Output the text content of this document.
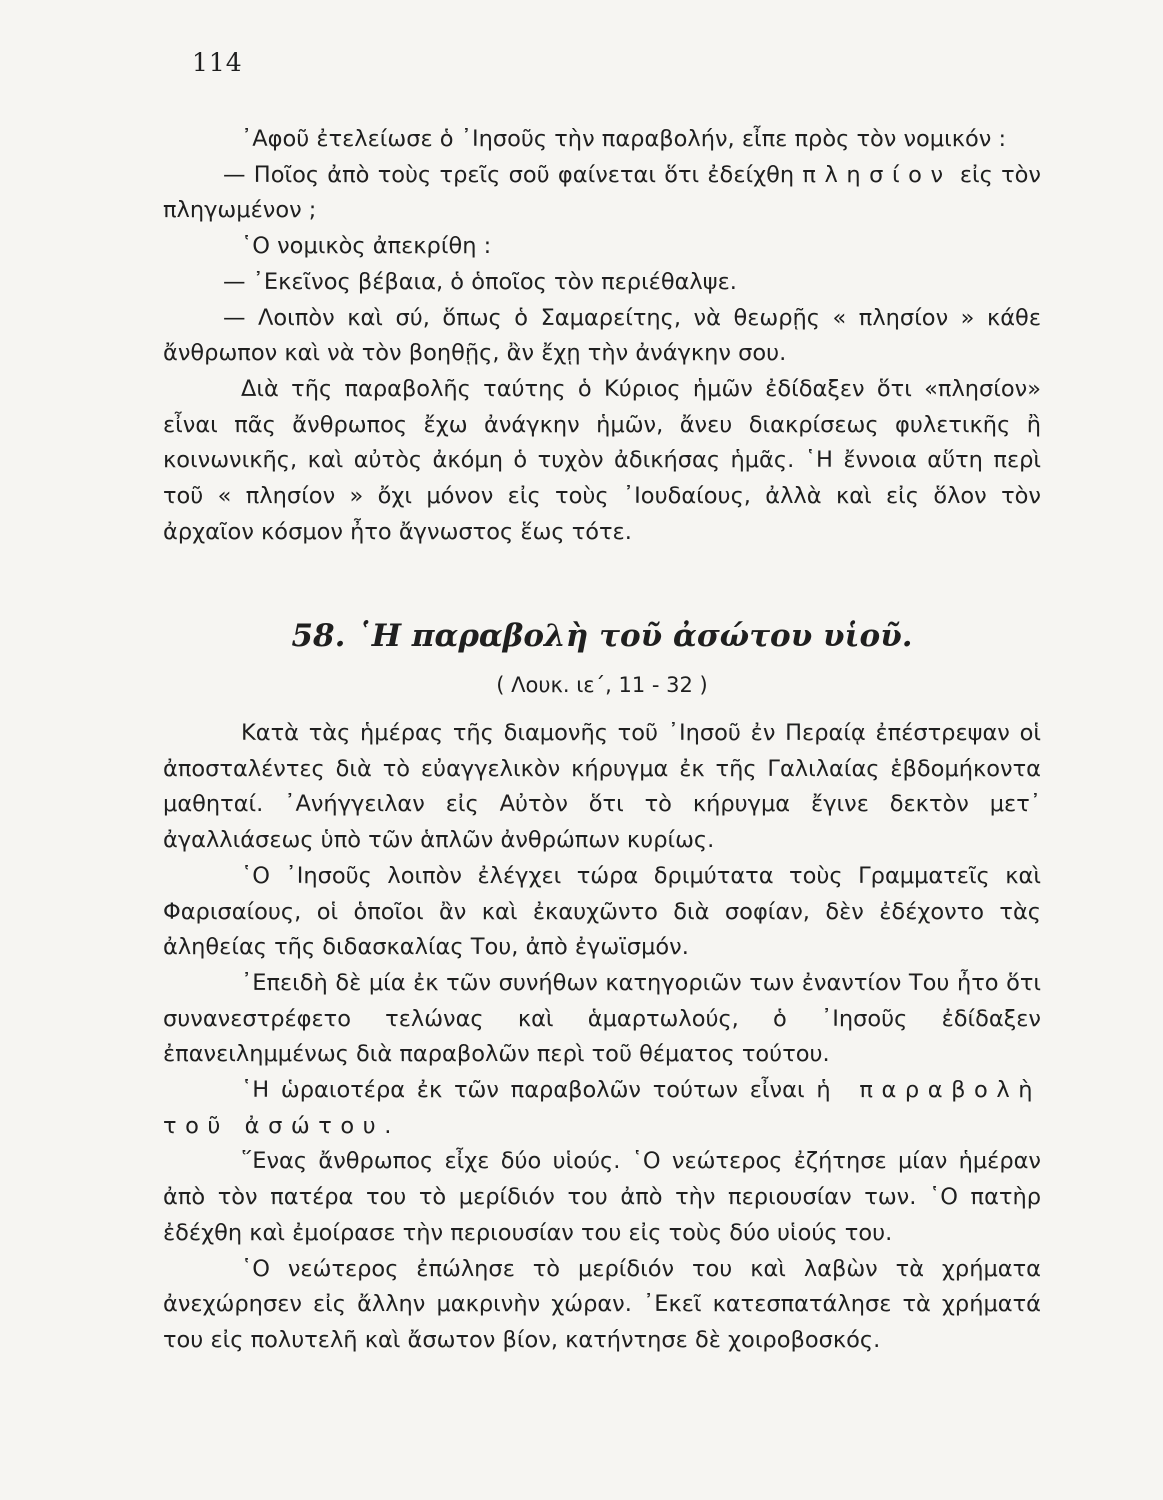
114

᾿Αφοῦ ἐτελείωσε ὁ ᾿Ιησοῦς τὴν παραβολήν, εἶπε πρὸς τὸν νομικόν :

— Ποῖος ἀπὸ τοὺς τρεῖς σοῦ φαίνεται ὅτι ἐδείχθη πλησίον εἰς τὸν πληγωμένον ;

῾Ο νομικὸς ἀπεκρίθη :

— ᾿Εκεῖνος βέβαια, ὁ ὁποῖος τὸν περιέθαλψε.

— Λοιπὸν καὶ σύ, ὅπως ὁ Σαμαρείτης, νὰ θεωρῇς « πλησίον » κάθε ἄνθρωπον καὶ νὰ τὸν βοηθῇς, ἂν ἔχῃ τὴν ἀνάγκην σου.

Διὰ τῆς παραβολῆς ταύτης ὁ Κύριος ἡμῶν ἐδίδαξεν ὅτι «πλησίον» εἶναι πᾶς ἄνθρωπος ἔχω ἀνάγκην ἡμῶν, ἄνευ διακρίσεως φυλετικῆς ἢ κοινωνικῆς, καὶ αὐτὸς ἀκόμη ὁ τυχὸν ἀδικήσας ἡμᾶς. ῾Η ἔννοια αὕτη περὶ τοῦ « πλησίον » ὄχι μόνον εἰς τοὺς ᾿Ιουδαίους, ἀλλὰ καὶ εἰς ὅλον τὸν ἀρχαῖον κόσμον ἦτο ἄγνωστος ἕως τότε.

58. ῾Η παραβολὴ τοῦ ἀσώτου υἱοῦ.
( Λουκ. ιε΄, 11 - 32 )

Κατὰ τὰς ἡμέρας τῆς διαμονῆς τοῦ ᾿Ιησοῦ ἐν Περαίᾳ ἐπέστρεψαν οἱ ἀποσταλέντες διὰ τὸ εὐαγγελικὸν κήρυγμα ἐκ τῆς Γαλιλαίας ἑβδομήκοντα μαθηταί. ᾿Ανήγγειλαν εἰς Αὐτὸν ὅτι τὸ κήρυγμα ἔγινε δεκτὸν μετ᾿ ἀγαλλιάσεως ὑπὸ τῶν ἁπλῶν ἀνθρώπων κυρίως.

῾Ο ᾿Ιησοῦς λοιπὸν ἐλέγχει τώρα δριμύτατα τοὺς Γραμματεῖς καὶ Φαρισαίους, οἱ ὁποῖοι ἂν καὶ ἐκαυχῶντο διὰ σοφίαν, δὲν ἐδέχοντο τὰς ἀληθείας τῆς διδασκαλίας Του, ἀπὸ ἐγωϊσμόν.

᾿Επειδὴ δὲ μία ἐκ τῶν συνήθων κατηγοριῶν των ἐναντίον Του ἦτο ὅτι συνανεστρέφετο τελώνας καὶ ἁμαρτωλούς, ὁ ᾿Ιησοῦς ἐδίδαξεν ἐπανειλημμένως διὰ παραβολῶν περὶ τοῦ θέματος τούτου.

῾Η ὡραιοτέρα ἐκ τῶν παραβολῶν τούτων εἶναι ἡ παραβολὴ τοῦ ἀσώτου.

῞Ενας ἄνθρωπος εἶχε δύο υἱούς. ῾Ο νεώτερος ἐζήτησε μίαν ἡμέραν ἀπὸ τὸν πατέρα του τὸ μερίδιόν του ἀπὸ τὴν περιουσίαν των. ῾Ο πατὴρ ἐδέχθη καὶ ἐμοίρασε τὴν περιουσίαν του εἰς τοὺς δύο υἱούς του.

῾Ο νεώτερος ἐπώλησε τὸ μερίδιόν του καὶ λαβὼν τὰ χρήματα ἀνεχώρησεν εἰς ἄλλην μακρινὴν χώραν. ᾿Εκεῖ κατεσπατάλησε τὰ χρήματά του εἰς πολυτελῆ καὶ ἄσωτον βίον, κατήντησε δὲ χοιροβοσκός.
